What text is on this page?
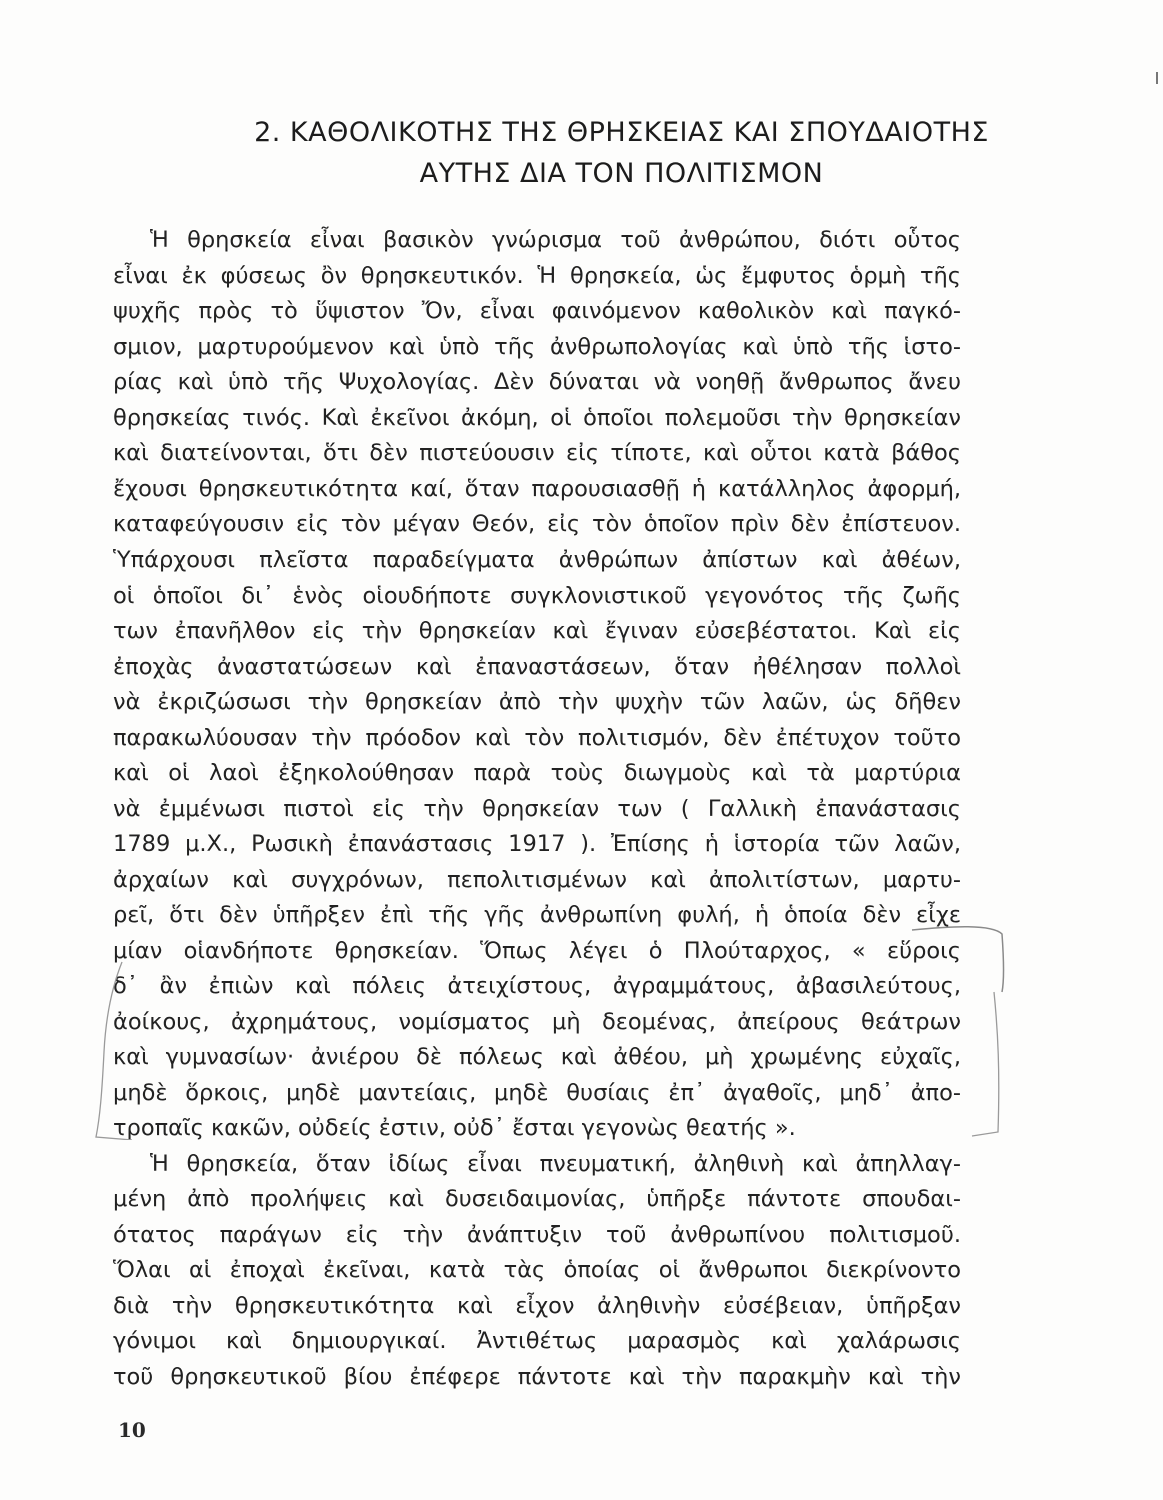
2. ΚΑΘΟΛΙΚΟΤΗΣ ΤΗΣ ΘΡΗΣΚΕΙΑΣ ΚΑΙ ΣΠΟΥΔΑΙΟΤΗΣ
ΑΥΤΗΣ ΔΙΑ ΤΟΝ ΠΟΛΙΤΙΣΜΟΝ
Ἡ θρησκεία εἶναι βασικὸν γνώρισμα τοῦ ἀνθρώπου, διότι οὗτος
εἶναι ἐκ φύσεως ὂν θρησκευτικόν. Ἡ θρησκεία, ὡς ἔμφυτος ὁρμὴ τῆς
ψυχῆς πρὸς τὸ ὕψιστον Ὄν, εἶναι φαινόμενον καθολικὸν καὶ παγκό-
σμιον, μαρτυρούμενον καὶ ὑπὸ τῆς ἀνθρωπολογίας καὶ ὑπὸ τῆς ἱστο-
ρίας καὶ ὑπὸ τῆς Ψυχολογίας. Δὲν δύναται νὰ νοηθῇ ἄνθρωπος ἄνευ
θρησκείας τινός. Καὶ ἐκεῖνοι ἀκόμη, οἱ ὁποῖοι πολεμοῦσι τὴν θρησκείαν
καὶ διατείνονται, ὅτι δὲν πιστεύουσιν εἰς τίποτε, καὶ οὗτοι κατὰ βάθος
ἔχουσι θρησκευτικότητα καί, ὅταν παρουσιασθῇ ἡ κατάλληλος ἀφορμή,
καταφεύγουσιν εἰς τὸν μέγαν Θεόν, εἰς τὸν ὁποῖον πρὶν δὲν ἐπίστευον.
Ὑπάρχουσι πλεῖστα παραδείγματα ἀνθρώπων ἀπίστων καὶ ἀθέων,
οἱ ὁποῖοι δι᾽ ἑνὸς οἱουδήποτε συγκλονιστικοῦ γεγονότος τῆς ζωῆς
των ἐπανῆλθον εἰς τὴν θρησκείαν καὶ ἔγιναν εὐσεβέστατοι. Καὶ εἰς
ἐποχὰς ἀναστατώσεων καὶ ἐπαναστάσεων, ὅταν ἠθέλησαν πολλοὶ
νὰ ἐκριζώσωσι τὴν θρησκείαν ἀπὸ τὴν ψυχὴν τῶν λαῶν, ὡς δῆθεν
παρακωλύουσαν τὴν πρόοδον καὶ τὸν πολιτισμόν, δὲν ἐπέτυχον τοῦτο
καὶ οἱ λαοὶ ἐξηκολούθησαν παρὰ τοὺς διωγμοὺς καὶ τὰ μαρτύρια
νὰ ἐμμένωσι πιστοὶ εἰς τὴν θρησκείαν των ( Γαλλικὴ ἐπανάστασις
1789 μ.Χ., Ρωσικὴ ἐπανάστασις 1917 ). Ἐπίσης ἡ ἱστορία τῶν λαῶν,
ἀρχαίων καὶ συγχρόνων, πεπολιτισμένων καὶ ἀπολιτίστων, μαρτυ-
ρεῖ, ὅτι δὲν ὑπῆρξεν ἐπὶ τῆς γῆς ἀνθρωπίνη φυλή, ἡ ὁποία δὲν εἶχε
μίαν οἱανδήποτε θρησκείαν. Ὅπως λέγει ὁ Πλούταρχος, « εὕροις
δ᾽ ἂν ἐπιὼν καὶ πόλεις ἀτειχίστους, ἀγραμμάτους, ἀβασιλεύτους,
ἀοίκους, ἀχρημάτους, νομίσματος μὴ δεομένας, ἀπείρους θεάτρων
καὶ γυμνασίων· ἀνιέρου δὲ πόλεως καὶ ἀθέου, μὴ χρωμένης εὐχαῖς,
μηδὲ ὅρκοις, μηδὲ μαντείαις, μηδὲ θυσίαις ἐπ᾽ ἀγαθοῖς, μηδ᾽ ἀπο-
τροπαῖς κακῶν, οὐδείς ἐστιν, οὐδ᾽ ἔσται γεγονὼς θεατής ».
Ἡ θρησκεία, ὅταν ἰδίως εἶναι πνευματική, ἀληθινὴ καὶ ἀπηλλαγ-
μένη ἀπὸ προλήψεις καὶ δυσειδαιμονίας, ὑπῆρξε πάντοτε σπουδαι-
ότατος παράγων εἰς τὴν ἀνάπτυξιν τοῦ ἀνθρωπίνου πολιτισμοῦ.
Ὅλαι αἱ ἐποχαὶ ἐκεῖναι, κατὰ τὰς ὁποίας οἱ ἄνθρωποι διεκρίνοντο
διὰ τὴν θρησκευτικότητα καὶ εἶχον ἀληθινὴν εὐσέβειαν, ὑπῆρξαν
γόνιμοι καὶ δημιουργικαί. Ἀντιθέτως μαρασμὸς καὶ χαλάρωσις
τοῦ θρησκευτικοῦ βίου ἐπέφερε πάντοτε καὶ τὴν παρακμὴν καὶ τὴν
10
